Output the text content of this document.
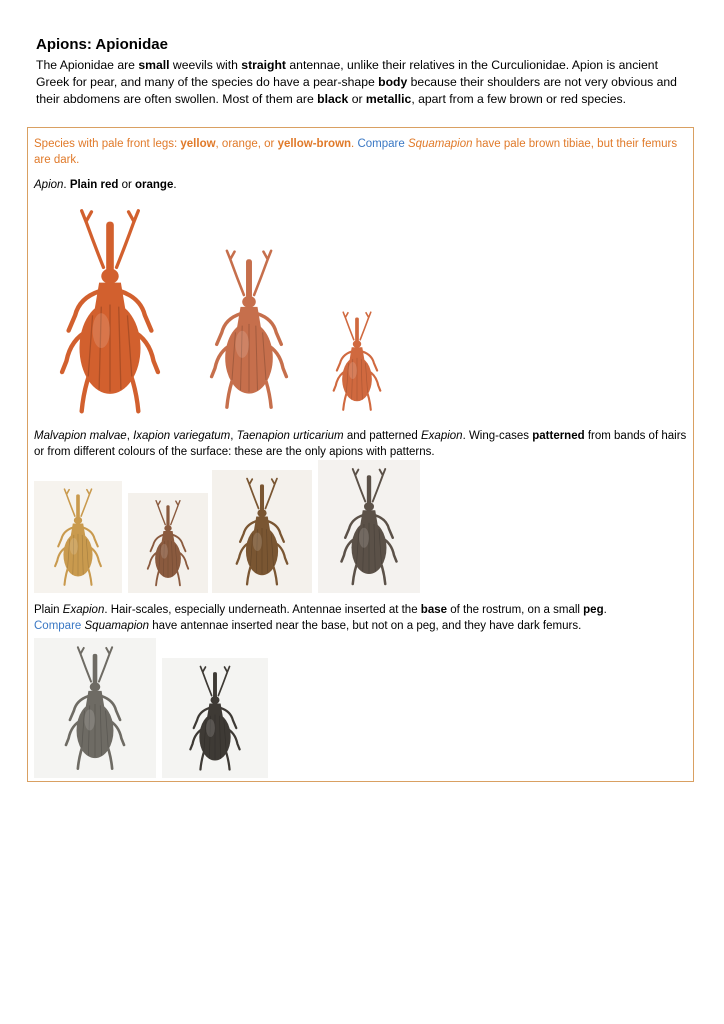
Apions: Apionidae

The Apionidae are small weevils with straight antennae, unlike their relatives in the Curculionidae. Apion is ancient Greek for pear, and many of the species do have a pear-shape body because their shoulders are not very obvious and their abdomens are often swollen. Most of them are black or metallic, apart from a few brown or red species.

Species with pale front legs: yellow, orange, or yellow-brown. Compare Squamapion have pale brown tibiae, but their femurs are dark.

Apion. Plain red or orange.

Malvapion malvae, Ixapion variegatum, Taenapion urticarium and patterned Exapion. Wing-cases patterned from bands of hairs or from different colours of the surface: these are the only apions with patterns.

Plain Exapion. Hair-scales, especially underneath. Antennae inserted at the base of the rostrum, on a small peg.
Compare Squamapion have antennae inserted near the base, but not on a peg, and they have dark femurs.
